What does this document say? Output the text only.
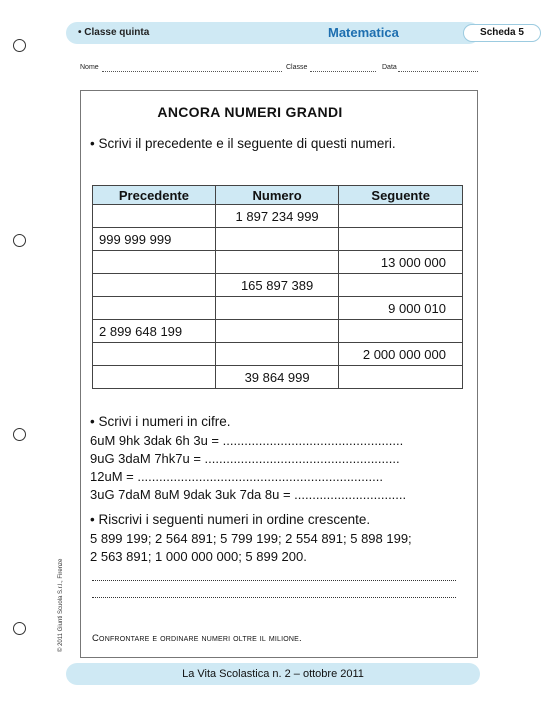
• Classe quinta	Matematica	Scheda 5
Nome	Classe	Data
ANCORA NUMERI GRANDI
• Scrivi il precedente e il seguente di questi numeri.
Precedente	Numero	Seguente
	1 897 234 999	
999 999 999		
		13 000 000
	165 897 389	
		9 000 010
2 899 648 199		
		2 000 000 000
	39 864 999	
• Scrivi i numeri in cifre.
6uM 9hk 3dak 6h 3u = ..................................................
9uG 3daM 7hk7u = ......................................................
12uM = ....................................................................
3uG 7daM 8uM 9dak 3uk 7da 8u = ...............................
• Riscrivi i seguenti numeri in ordine crescente.
5 899 199; 2 564 891; 5 799 199; 2 554 891; 5 898 199;
2 563 891; 1 000 000 000; 5 899 200.
Confrontare e ordinare numeri oltre il milione.
© 2011 Giunti Scuola S.r.l., Firenze
La Vita Scolastica n. 2 – ottobre 2011
